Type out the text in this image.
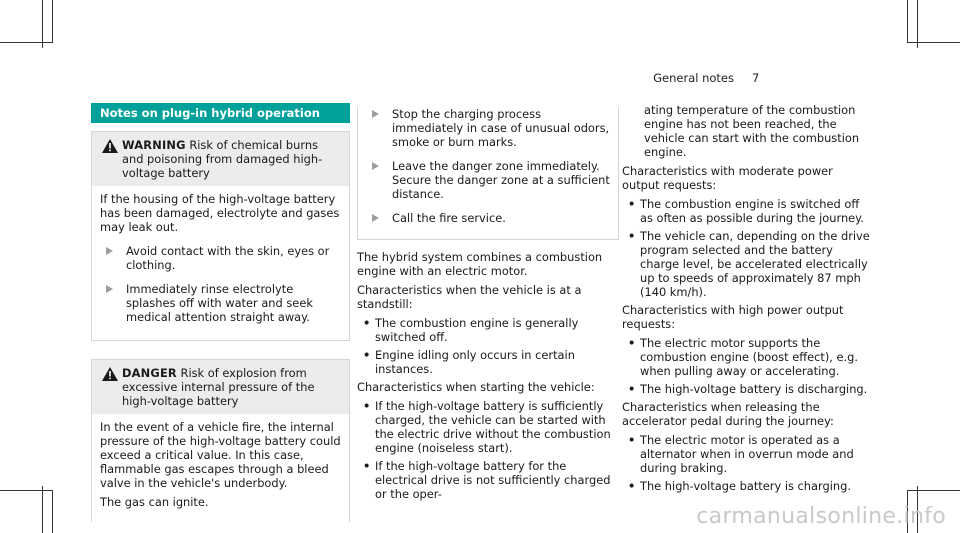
General notes 7
Notes on plug-in hybrid operation
WARNING Risk of chemical burns and poisoning from damaged high-voltage battery

If the housing of the high-voltage battery has been damaged, electrolyte and gases may leak out.

Avoid contact with the skin, eyes or clothing.
Immediately rinse electrolyte splashes off with water and seek medical attention straight away.
DANGER Risk of explosion from excessive internal pressure of the high-voltage battery

In the event of a vehicle fire, the internal pressure of the high-voltage battery could exceed a critical value. In this case, flammable gas escapes through a bleed valve in the vehicle's underbody.

The gas can ignite.

Stop the charging process immediately in case of unusual odors, smoke or burn marks.
Leave the danger zone immediately. Secure the danger zone at a sufficient distance.
Call the fire service.

The hybrid system combines a combustion engine with an electric motor.

Characteristics when the vehicle is at a standstill:

• The combustion engine is generally switched off.
• Engine idling only occurs in certain instances.

Characteristics when starting the vehicle:

• If the high-voltage battery is sufficiently charged, the vehicle can be started with the electric drive without the combustion engine (noiseless start).
• If the high-voltage battery for the electrical drive is not sufficiently charged or the oper-
ating temperature of the combustion engine has not been reached, the vehicle can start with the combustion engine.

Characteristics with moderate power output requests:

• The combustion engine is switched off as often as possible during the journey.
• The vehicle can, depending on the drive program selected and the battery charge level, be accelerated electrically up to speeds of approximately 87 mph (140 km/h).

Characteristics with high power output requests:

• The electric motor supports the combustion engine (boost effect), e.g. when pulling away or accelerating.
• The high-voltage battery is discharging.

Characteristics when releasing the accelerator pedal during the journey:

• The electric motor is operated as a alternator when in overrun mode and during braking.
• The high-voltage battery is charging.
carmanualsonline.info
